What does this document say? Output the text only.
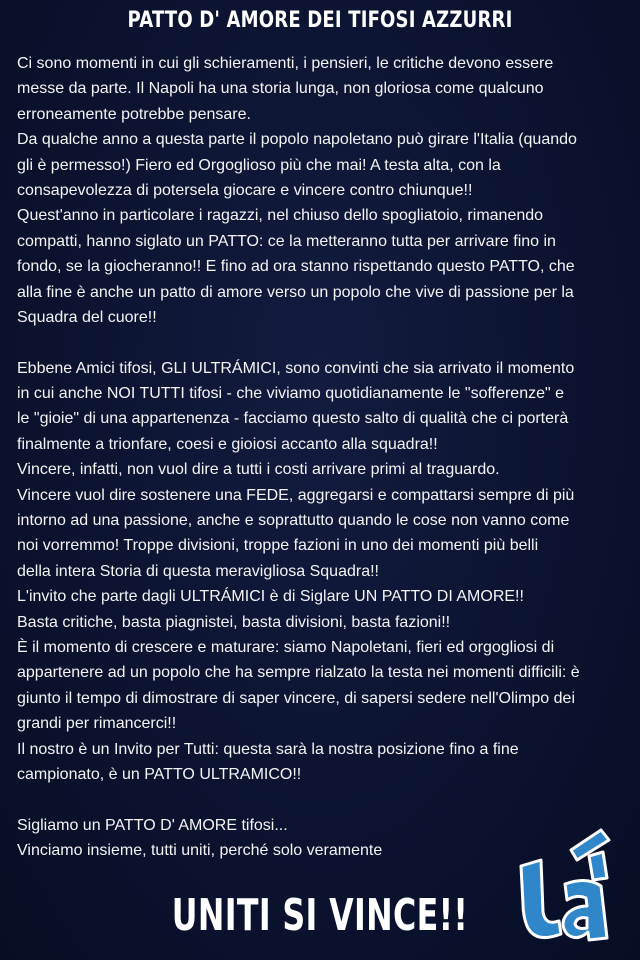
PATTO D' AMORE DEI TIFOSI AZZURRI
Ci sono momenti in cui gli schieramenti, i pensieri, le critiche devono essere
messe da parte. Il Napoli ha una storia lunga, non gloriosa come qualcuno
erroneamente potrebbe pensare.
Da qualche anno a questa parte il popolo napoletano può girare l'Italia (quando
gli è permesso!) Fiero ed Orgoglioso più che mai! A testa alta, con la
consapevolezza di potersela giocare e vincere contro chiunque!!
Quest'anno in particolare i ragazzi, nel chiuso dello spogliatoio, rimanendo
compatti, hanno siglato un PATTO: ce la metteranno tutta per arrivare fino in
fondo, se la giocheranno!! E fino ad ora stanno rispettando questo PATTO, che
alla fine è anche un patto di amore verso un popolo che vive di passione per la
Squadra del cuore!!
Ebbene Amici tifosi, GLI ULTRÁMICI, sono convinti che sia arrivato il momento
in cui anche NOI TUTTI tifosi - che viviamo quotidianamente le "sofferenze" e
le "gioie" di una appartenenza - facciamo questo salto di qualità che ci porterà
finalmente a trionfare, coesi e gioiosi accanto alla squadra!!
Vincere, infatti, non vuol dire a tutti i costi arrivare primi al traguardo.
Vincere vuol dire sostenere una FEDE, aggregarsi e compattarsi sempre di più
intorno ad una passione, anche e soprattutto quando le cose non vanno come
noi vorremmo! Troppe divisioni, troppe fazioni in uno dei momenti più belli
della intera Storia di questa meravigliosa Squadra!!
L'invito che parte dagli ULTRÁMICI è di Siglare UN PATTO DI AMORE!!
Basta critiche, basta piagnistei, basta divisioni, basta fazioni!!
È il momento di crescere e maturare: siamo Napoletani, fieri ed orgogliosi di
appartenere ad un popolo che ha sempre rialzato la testa nei momenti difficili: è
giunto il tempo di dimostrare di saper vincere, di sapersi sedere nell'Olimpo dei
grandi per rimancerci!!
Il nostro è un Invito per Tutti: questa sarà la nostra posizione fino a fine
campionato, è un PATTO ULTRAMICO!!
Sigliamo un PATTO D' AMORE tifosi...
Vinciamo insieme, tutti uniti, perché solo veramente
UNITI SI VINCE!!
